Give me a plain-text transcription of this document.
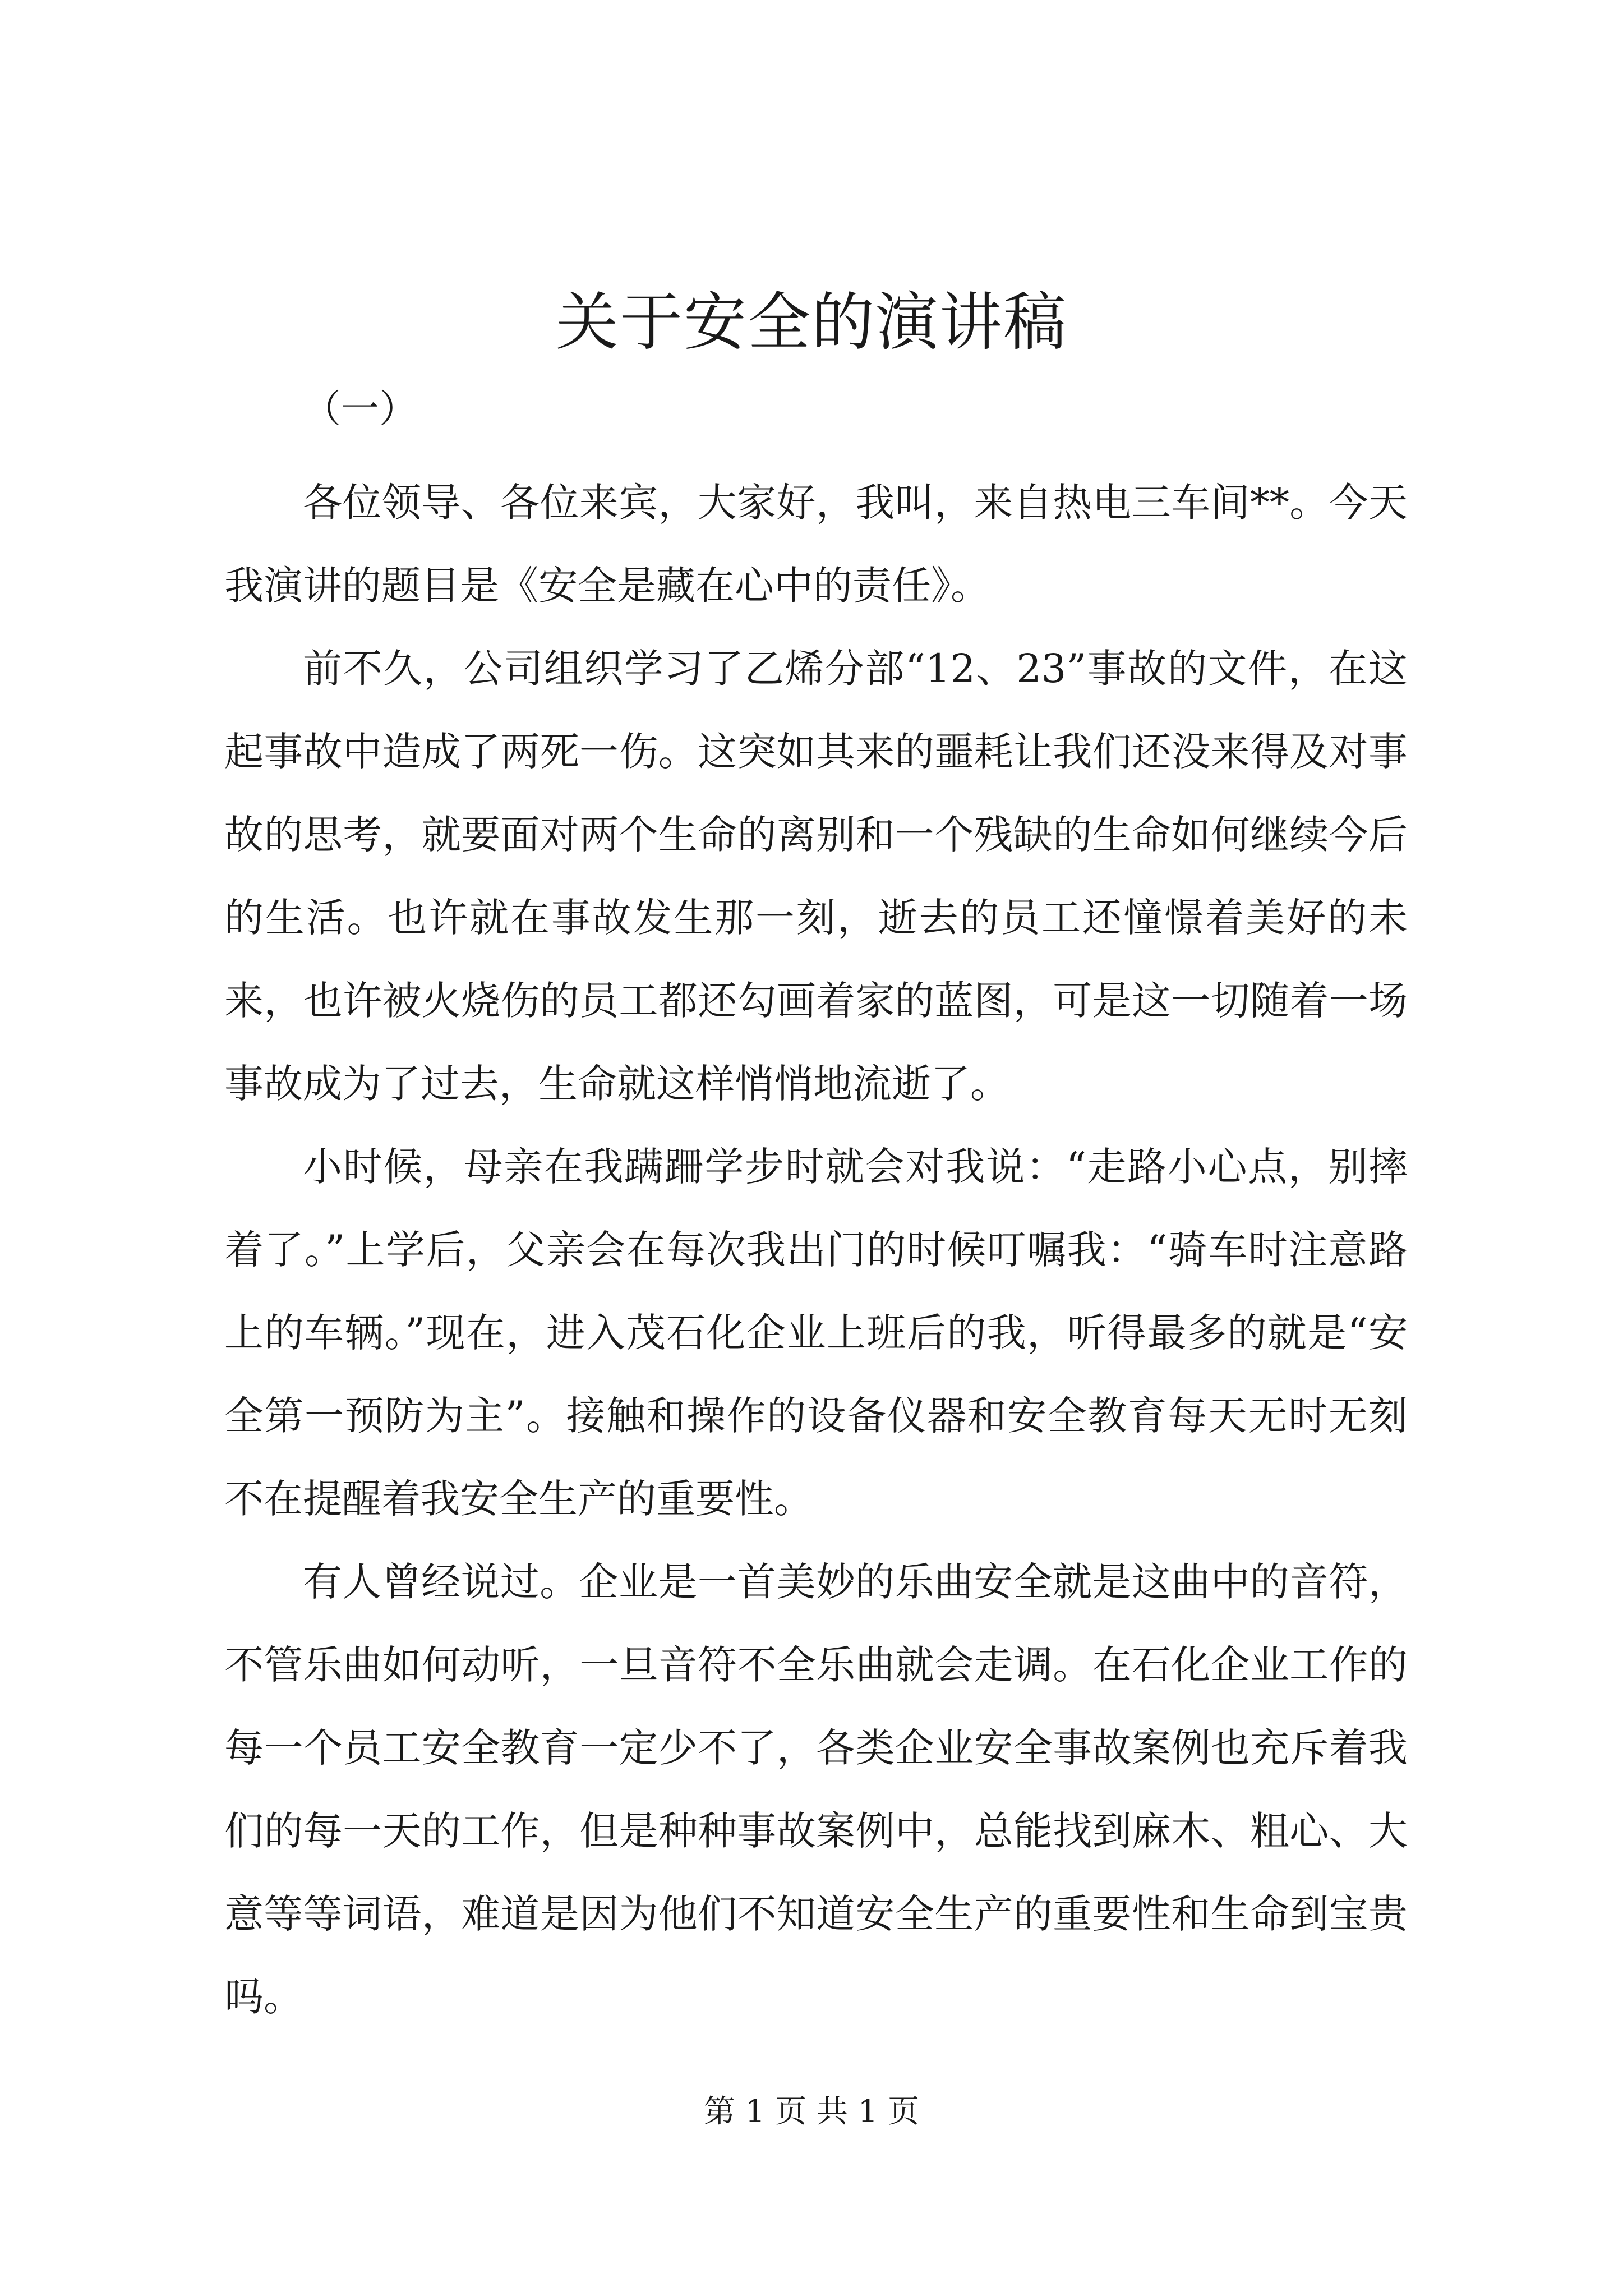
关于安全的演讲稿
（一）

各位领导、各位来宾，大家好，我叫，来自热电三车间**。今天我演讲的题目是《安全是藏在心中的责任》。

前不久，公司组织学习了乙烯分部“12、23”事故的文件，在这起事故中造成了两死一伤。这突如其来的噩耗让我们还没来得及对事故的思考，就要面对两个生命的离别和一个残缺的生命如何继续今后的生活。也许就在事故发生那一刻，逝去的员工还憧憬着美好的未来，也许被火烧伤的员工都还勾画着家的蓝图，可是这一切随着一场事故成为了过去，生命就这样悄悄地流逝了。

小时候，母亲在我蹒跚学步时就会对我说：“走路小心点，别摔着了。”上学后，父亲会在每次我出门的时候叮嘱我：“骑车时注意路上的车辆。”现在，进入茂石化企业上班后的我，听得最多的就是“安全第一预防为主”。接触和操作的设备仪器和安全教育每天无时无刻不在提醒着我安全生产的重要性。

有人曾经说过。企业是一首美妙的乐曲安全就是这曲中的音符，不管乐曲如何动听，一旦音符不全乐曲就会走调。在石化企业工作的每一个员工安全教育一定少不了，各类企业安全事故案例也充斥着我们的每一天的工作，但是种种事故案例中，总能找到麻木、粗心、大意等等词语，难道是因为他们不知道安全生产的重要性和生命到宝贵吗。

第 1 页 共 1 页
